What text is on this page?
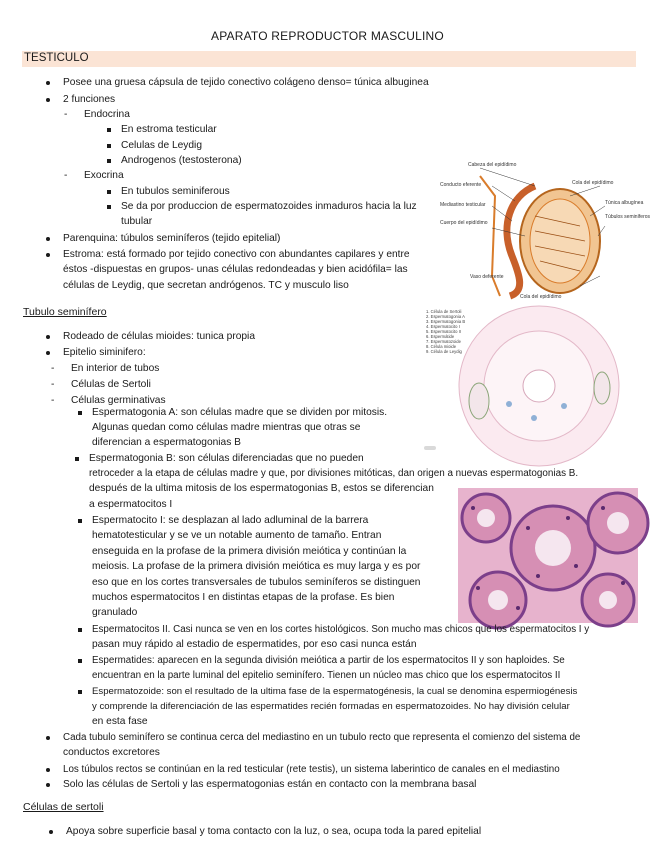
APARATO REPRODUCTOR MASCULINO
TESTICULO
Posee una gruesa cápsula de tejido conectivo colágeno denso= túnica albuginea
2 funciones
- Endocrina
En estroma testicular
Celulas de Leydig
Androgenos (testosterona)
- Exocrina
En tubulos seminiferous
Se da por produccion de espermatozoides inmaduros hacia la luz
tubular
Parenquina: túbulos seminíferos (tejido epitelial)
Estroma: está formado por tejido conectivo con abundantes capilares y entre
éstos -dispuestas en grupos- unas células redondeadas y bien acidófila= las
células de Leydig, que secretan andrógenos. TC y musculo liso
Cabeza del epidídimo
Conducto eferente
Cuerpo del epidídimo
Mediastino testicular
Cola del epidídimo
Túbulos seminíferos
Túnica albugínea
Vaso deferente
Cola del epidídimo
Tubulo seminífero
Rodeado de células mioides: tunica propia
Epitelio siminifero:
- En interior de tubos
- Células de Sertoli
- Células germinativas
1. Célula de Sertoli
2. Espermatogonia A
3. Espermatogonia B
4. Espermatocito I
5. Espermatocito II
6. Espermátide
7. Espermatozoide
8. Célula mioide
9. Célula de Leydig
Espermatogonia A: son células madre que se dividen por mitosis.
Algunas quedan como células madre mientras que otras se
diferencian a espermatogonias B
Espermatogonia B: son células diferenciadas que no pueden
retroceder a la etapa de células madre y que, por divisiones mitóticas, dan origen a nuevas espermatogonias B.
después de la ultima mitosis de los espermatogonias B, estos se diferencian
a espermatocitos I
Espermatocito I: se desplazan al lado adluminal de la barrera
hematotesticular y se ve un notable aumento de tamaño. Entran
enseguida en la profase de la primera división meiótica y continúan la
meiosis. La profase de la primera división meiótica es muy larga y es por
eso que en los cortes transversales de tubulos seminíferos se distinguen
muchos espermatocitos I en distintas etapas de la profase. Es bien
granulado
Espermatocitos II. Casi nunca se ven en los cortes histológicos. Son mucho mas chicos que los espermatocitos I y
pasan muy rápido al estadio de espermatides, por eso casi nunca están
Espermatides: aparecen en la segunda división meiótica a partir de los espermatocitos II y son haploides. Se
encuentran en la parte luminal del epitelio seminífero. Tienen un núcleo mas chico que los espermatocitos II
Espermatozoide: son el resultado de la ultima fase de la espermatogénesis, la cual se denomina espermiogénesis
y comprende la diferenciación de las espermatides recién formadas en espermatozoides. No hay división celular
en esta fase
Cada tubulo seminífero se continua cerca del mediastino en un tubulo recto que representa el comienzo del sistema de
conductos excretores
Los túbulos rectos se continúan en la red testicular (rete testis), un sistema laberintico de canales en el mediastino
Solo las células de Sertoli y las espermatogonias están en contacto con la membrana basal
Células de sertoli
Apoya sobre superficie basal y toma contacto con la luz, o sea, ocupa toda la pared epitelial
